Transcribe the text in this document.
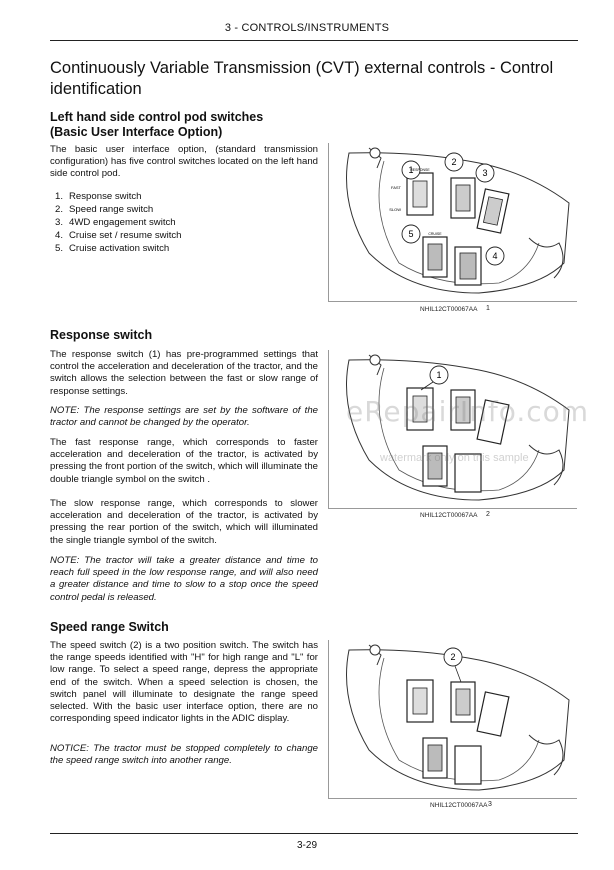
3 - CONTROLS/INSTRUMENTS
Continuously Variable Transmission (CVT) external controls - Control identification
Left hand side control pod switches
(Basic User Interface Option)
The basic user interface option, (standard transmission configuration) has five control switches located on the left hand side control pod.
1. Response switch
2. Speed range switch
3. 4WD engagement switch
4. Cruise set / resume switch
5. Cruise activation switch
1
2
3
4
5
FAST
SLOW
RESPONSE
CRUISE
NHIL12CT00067AA 1
Response switch
The response switch (1) has pre-programmed settings that control the acceleration and deceleration of the tractor, and the switch allows the selection between the fast or slow range of response settings.
NOTE: The response settings are set by the software of the tractor and cannot be changed by the operator.
The fast response range, which corresponds to faster acceleration and deceleration of the tractor, is activated by pressing the front portion of the switch, which will illuminate the double triangle symbol on the switch .
The slow response range, which corresponds to slower acceleration and deceleration of the tractor, is activated by pressing the rear portion of the switch, which will illuminated the single triangle symbol of the switch.
NOTE: The tractor will take a greater distance and time to reach full speed in the low response range, and will also need a greater distance and time to slow to a stop once the speed control pedal is released.
1
NHIL12CT00067AA 2
eRepairInfo.com
watermark only on this sample
Speed range Switch
The speed switch (2) is a two position switch. The switch has the range speeds identified with "H" for high range and "L" for low range. To select a speed range, depress the appropriate end of the switch. When a speed selection is chosen, the switch panel will illuminate to designate the range speed selected. With the basic user interface option, there are no corresponding speed indicator lights in the ADIC display.
NOTICE: The tractor must be stopped completely to change the speed range switch into another range.
2
NHIL12CT00067AA 3
3-29
